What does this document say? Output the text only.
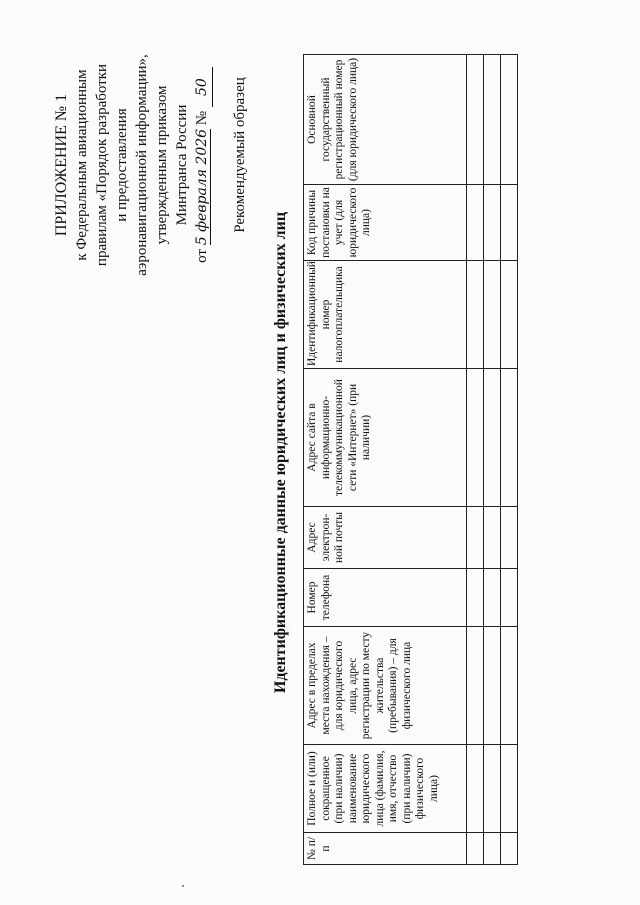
ПРИЛОЖЕНИЕ № 1 к Федеральным авиационным правилам «Порядок разработки и предоставления аэронавигационной информации», утвержденным приказом Минтранса России
от 5 февраля 2026 № 50 Рекомендуемый образец
Идентификационные данные юридических лиц и физических лиц
№ п/п	Полное и (или) сокращенное (при наличии) наименование юридического лица (фамилия, имя, отчество (при наличии) физического лица)	Адрес в пределах места нахождения – для юридического лица, адрес регистрации по месту жительства (пребывания) – для физического лица	Номер телефона	Адрес электрон-ной почты	Адрес сайта в информационно-телекоммуникационной сети «Интернет» (при наличии)	Идентификационный номер налогоплательщика	Код причины постановки на учет (для юридического лица)	Основной государственный регистрационный номер (для юридического лица)
